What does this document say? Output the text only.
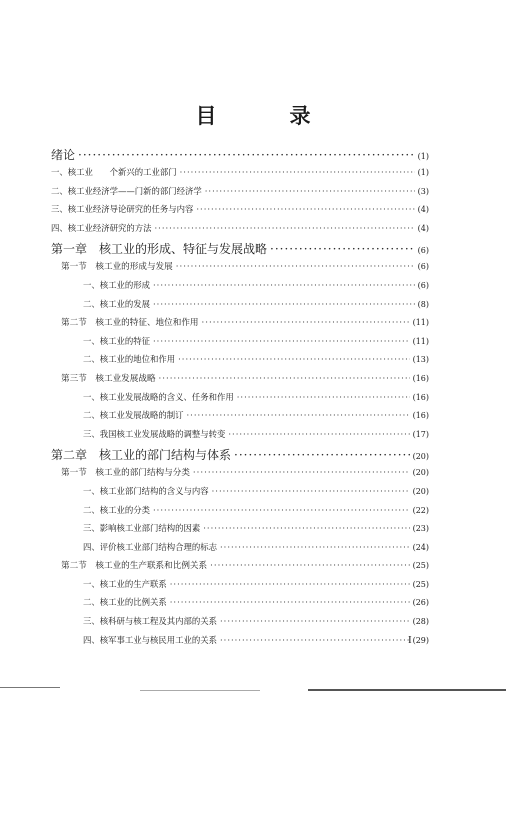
目　录
绪论 ·····	(1)
一、核工业　　个新兴的工业部门 ·····	(1)
二、核工业经济学——门新的部门经济学 ·····	(3)
三、核工业经济导论研究的任务与内容 ·····	(4)
四、核工业经济研究的方法 ·····	(4)
第一章　核工业的形成、特征与发展战略 ·····	(6)
第一节　核工业的形成与发展 ·····	(6)
一、核工业的形成 ·····	(6)
二、核工业的发展 ·····	(8)
第二节　核工业的特征、地位和作用 ·····	(11)
一、核工业的特征 ·····	(11)
二、核工业的地位和作用 ·····	(13)
第三节　核工业发展战略 ·····	(16)
一、核工业发展战略的含义、任务和作用 ·····	(16)
二、核工业发展战略的制订 ·····	(16)
三、我国核工业发展战略的调整与转变 ·····	(17)
第二章　核工业的部门结构与体系 ·····	(20)
第一节　核工业的部门结构与分类 ·····	(20)
一、核工业部门结构的含义与内容 ·····	(20)
二、核工业的分类 ·····	(22)
三、影响核工业部门结构的因素 ·····	(23)
四、评价核工业部门结构合理的标志 ·····	(24)
第二节　核工业的生产联系和比例关系 ·····	(25)
一、核工业的生产联系 ·····	(25)
二、核工业的比例关系 ·····	(26)
三、核科研与核工程及其内部的关系 ·····	(28)
四、核军事工业与核民用工业的关系 ·····	(29)
I
